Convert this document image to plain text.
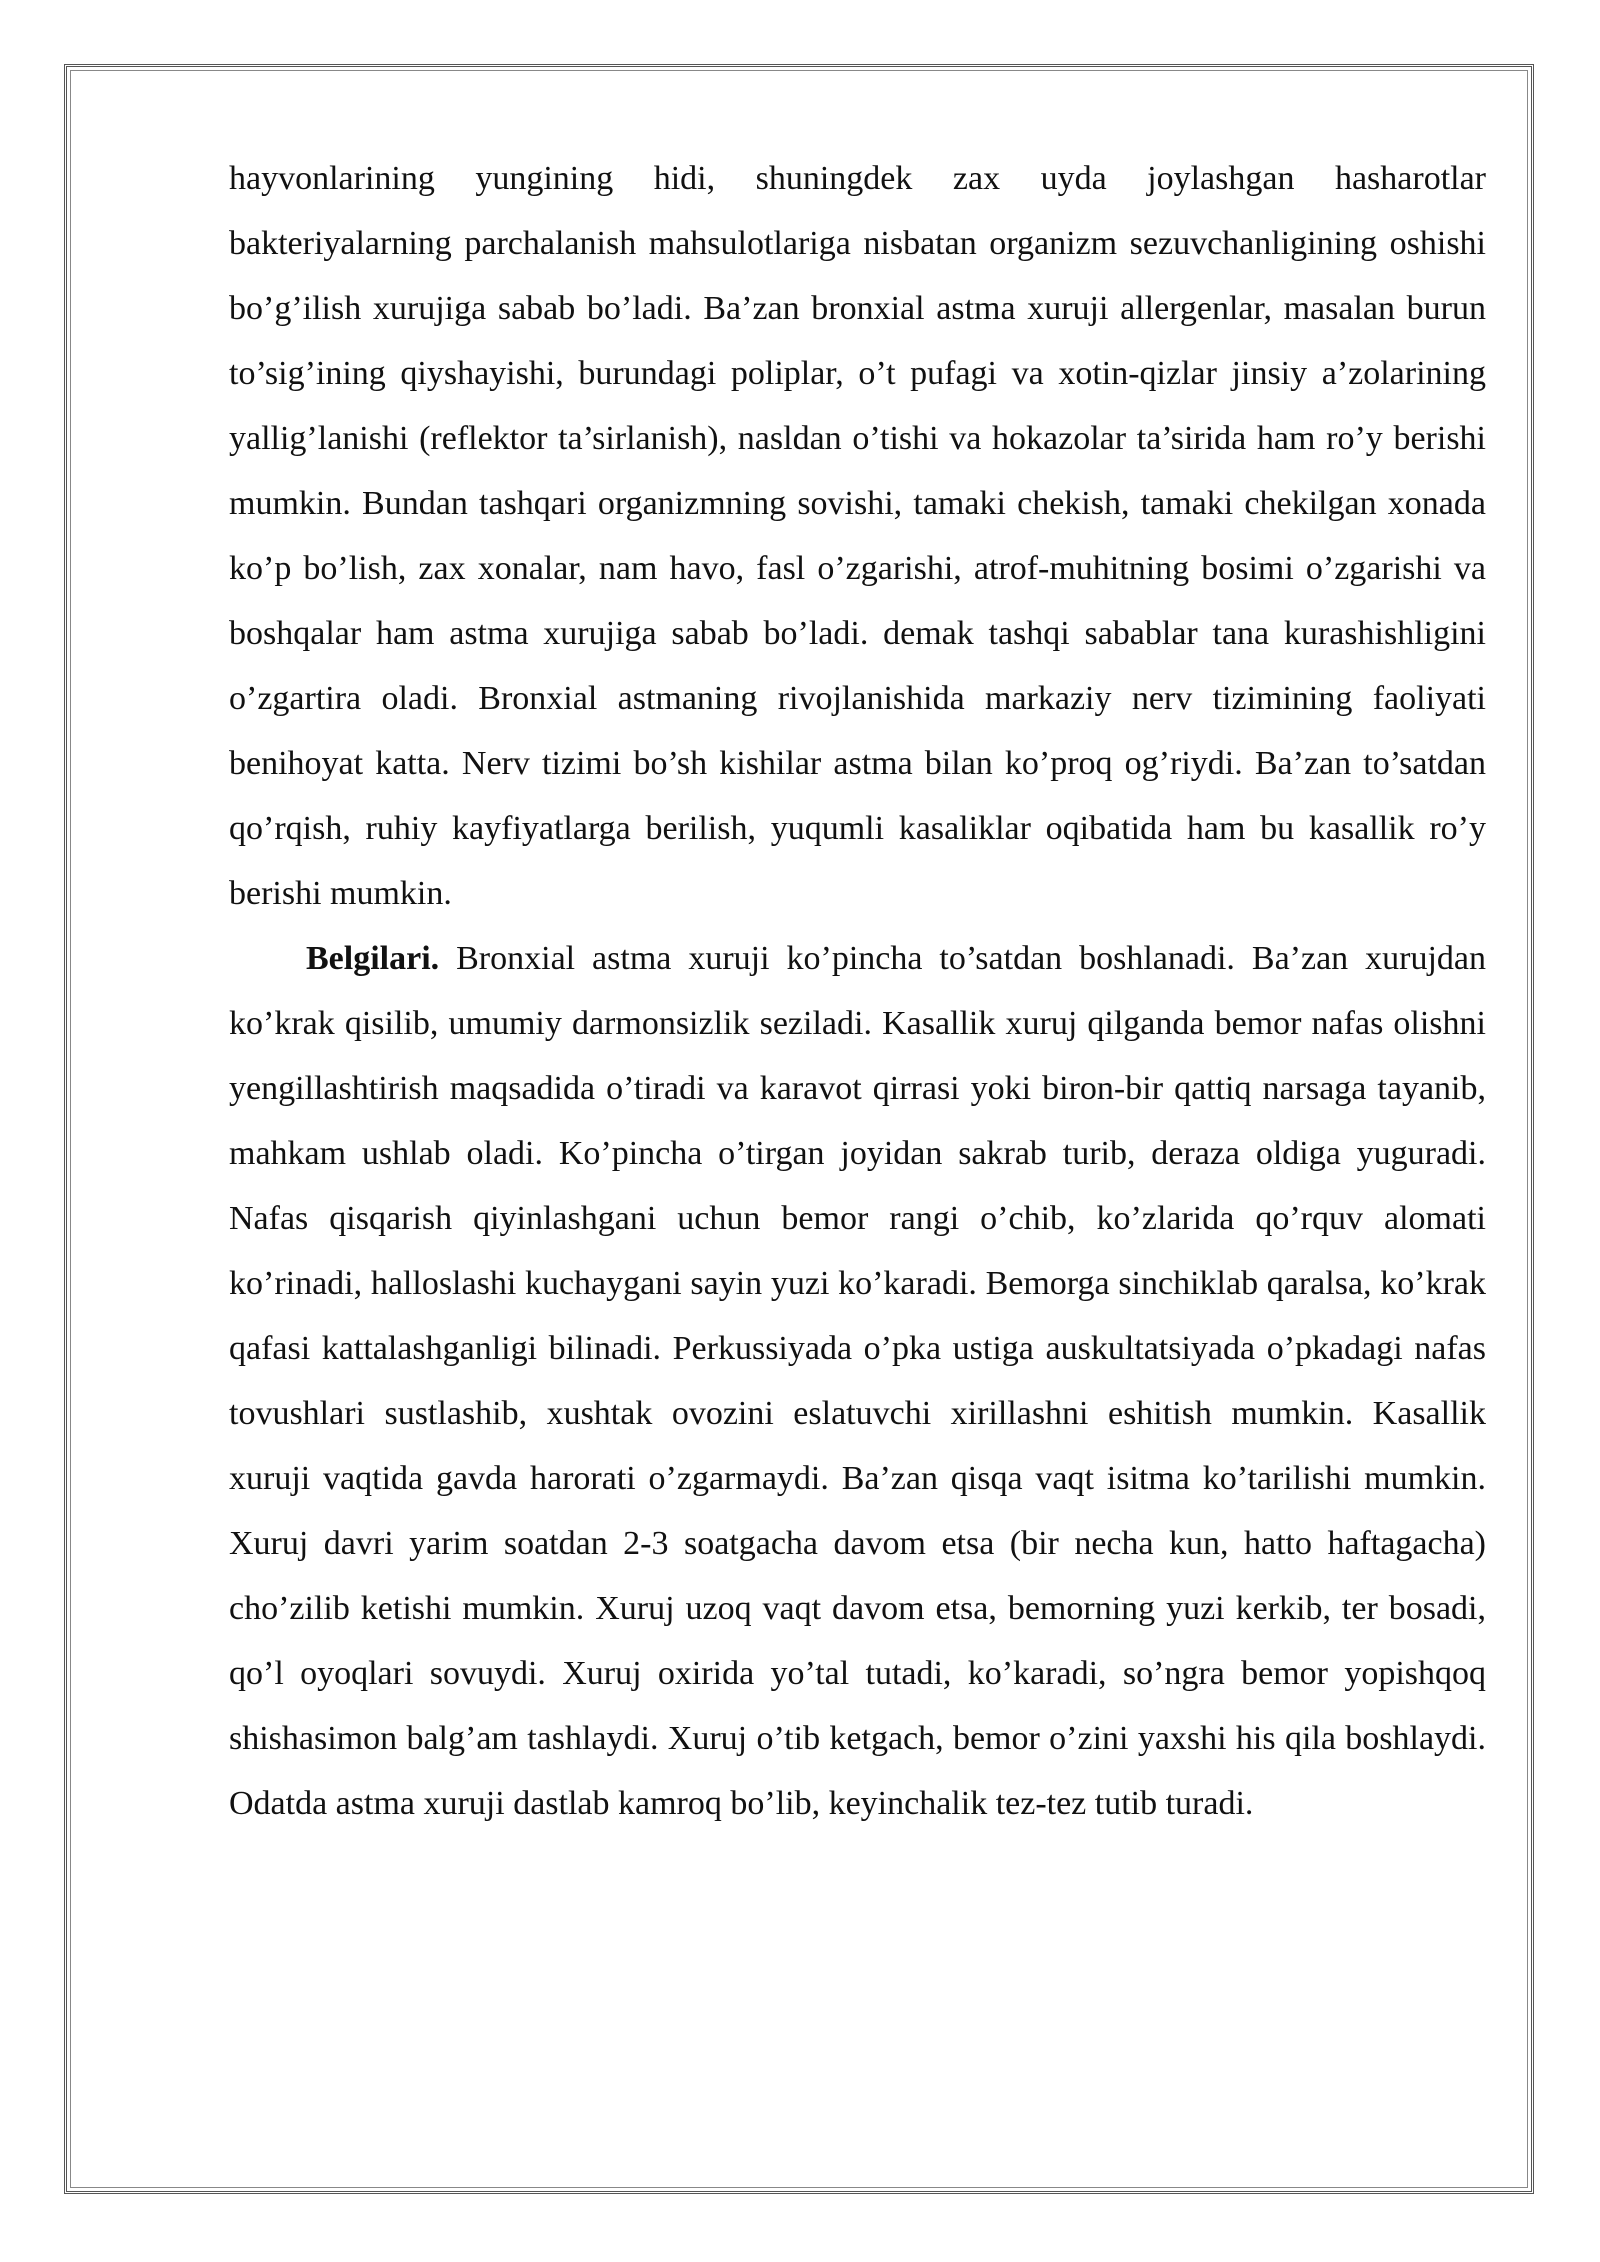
hayvonlarining yungining hidi, shuningdek zax uyda joylashgan hasharotlar bakteriyalarning parchalanish mahsulotlariga nisbatan organizm sezuvchanligining oshishi bo’g’ilish xurujiga sabab bo’ladi. Ba’zan bronxial astma xuruji allergenlar, masalan burun to’sig’ining qiyshayishi, burundagi poliplar, o’t pufagi va xotin-qizlar jinsiy a’zolarining yallig’lanishi (reflektor ta’sirlanish), nasldan o’tishi va hokazolar ta’sirida ham ro’y berishi mumkin. Bundan tashqari organizmning sovishi, tamaki chekish, tamaki chekilgan xonada ko’p bo’lish, zax xonalar, nam havo, fasl o’zgarishi, atrof-muhitning bosimi o’zgarishi va boshqalar ham astma xurujiga sabab bo’ladi. demak tashqi sabablar tana kurashishligini o’zgartira oladi. Bronxial astmaning rivojlanishida markaziy nerv tizimining faoliyati benihoyat katta. Nerv tizimi bo’sh kishilar astma bilan ko’proq og’riydi. Ba’zan to’satdan qo’rqish, ruhiy kayfiyatlarga berilish, yuqumli kasaliklar oqibatida ham bu kasallik ro’y berishi mumkin.

Belgilari. Bronxial astma xuruji ko’pincha to’satdan boshlanadi. Ba’zan xurujdan ko’krak qisilib, umumiy darmonsizlik seziladi. Kasallik xuruj qilganda bemor nafas olishni yengillashtirish maqsadida o’tiradi va karavot qirrasi yoki biron-bir qattiq narsaga tayanib, mahkam ushlab oladi. Ko’pincha o’tirgan joyidan sakrab turib, deraza oldiga yuguradi. Nafas qisqarish qiyinlashgani uchun bemor rangi o’chib, ko’zlarida qo’rquv alomati ko’rinadi, halloslashi kuchaygani sayin yuzi ko’karadi. Bemorga sinchiklab qaralsa, ko’krak qafasi kattalashganligi bilinadi. Perkussiyada o’pka ustiga auskultatsiyada o’pkadagi nafas tovushlari sustlashib, xushtak ovozini eslatuvchi xirillashni eshitish mumkin. Kasallik xuruji vaqtida gavda harorati o’zgarmaydi. Ba’zan qisqa vaqt isitma ko’tarilishi mumkin. Xuruj davri yarim soatdan 2-3 soatgacha davom etsa (bir necha kun, hatto haftagacha) cho’zilib ketishi mumkin. Xuruj uzoq vaqt davom etsa, bemorning yuzi kerkib, ter bosadi, qo’l oyoqlari sovuydi. Xuruj oxirida yo’tal tutadi, ko’karadi, so’ngra bemor yopishqoq shishasimon balg’am tashlaydi. Xuruj o’tib ketgach, bemor o’zini yaxshi his qila boshlaydi. Odatda astma xuruji dastlab kamroq bo’lib, keyinchalik tez-tez tutib turadi.
